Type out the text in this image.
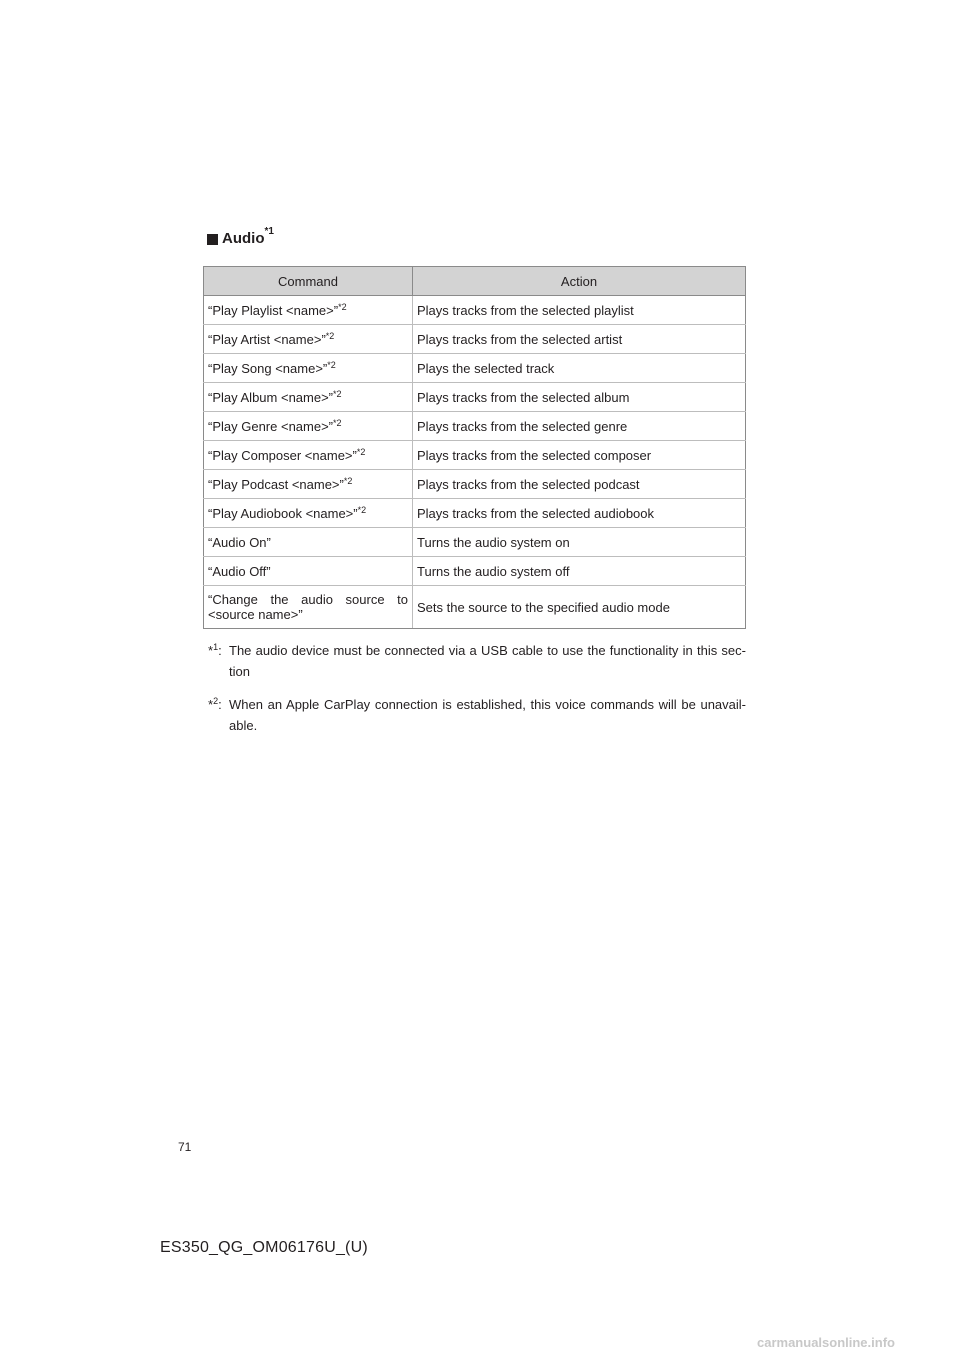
Audio *1
Command	Action
“Play Playlist <name>”$^{*2}$	Plays tracks from the selected playlist
“Play Artist <name>”$^{*2}$	Plays tracks from the selected artist
“Play Song <name>”$^{*2}$	Plays the selected track
“Play Album <name>”$^{*2}$	Plays tracks from the selected album
“Play Genre <name>”$^{*2}$	Plays tracks from the selected genre
“Play Composer <name>”$^{*2}$	Plays tracks from the selected composer
“Play Podcast <name>”$^{*2}$	Plays tracks from the selected podcast
“Play Audiobook <name>”$^{*2}$	Plays tracks from the selected audiobook
“Audio On”	Turns the audio system on
“Audio Off”	Turns the audio system off

“Change the audio source to <source name>”	Sets the source to the specified audio mode
*$^1$: The audio device must be connected via a USB cable to use the functionality in this sec-tion
*$^2$: When an Apple CarPlay connection is established, this voice commands will be unavail-able.
71
ES350_QG_OM06176U_(U)
carmanualsonline.info
